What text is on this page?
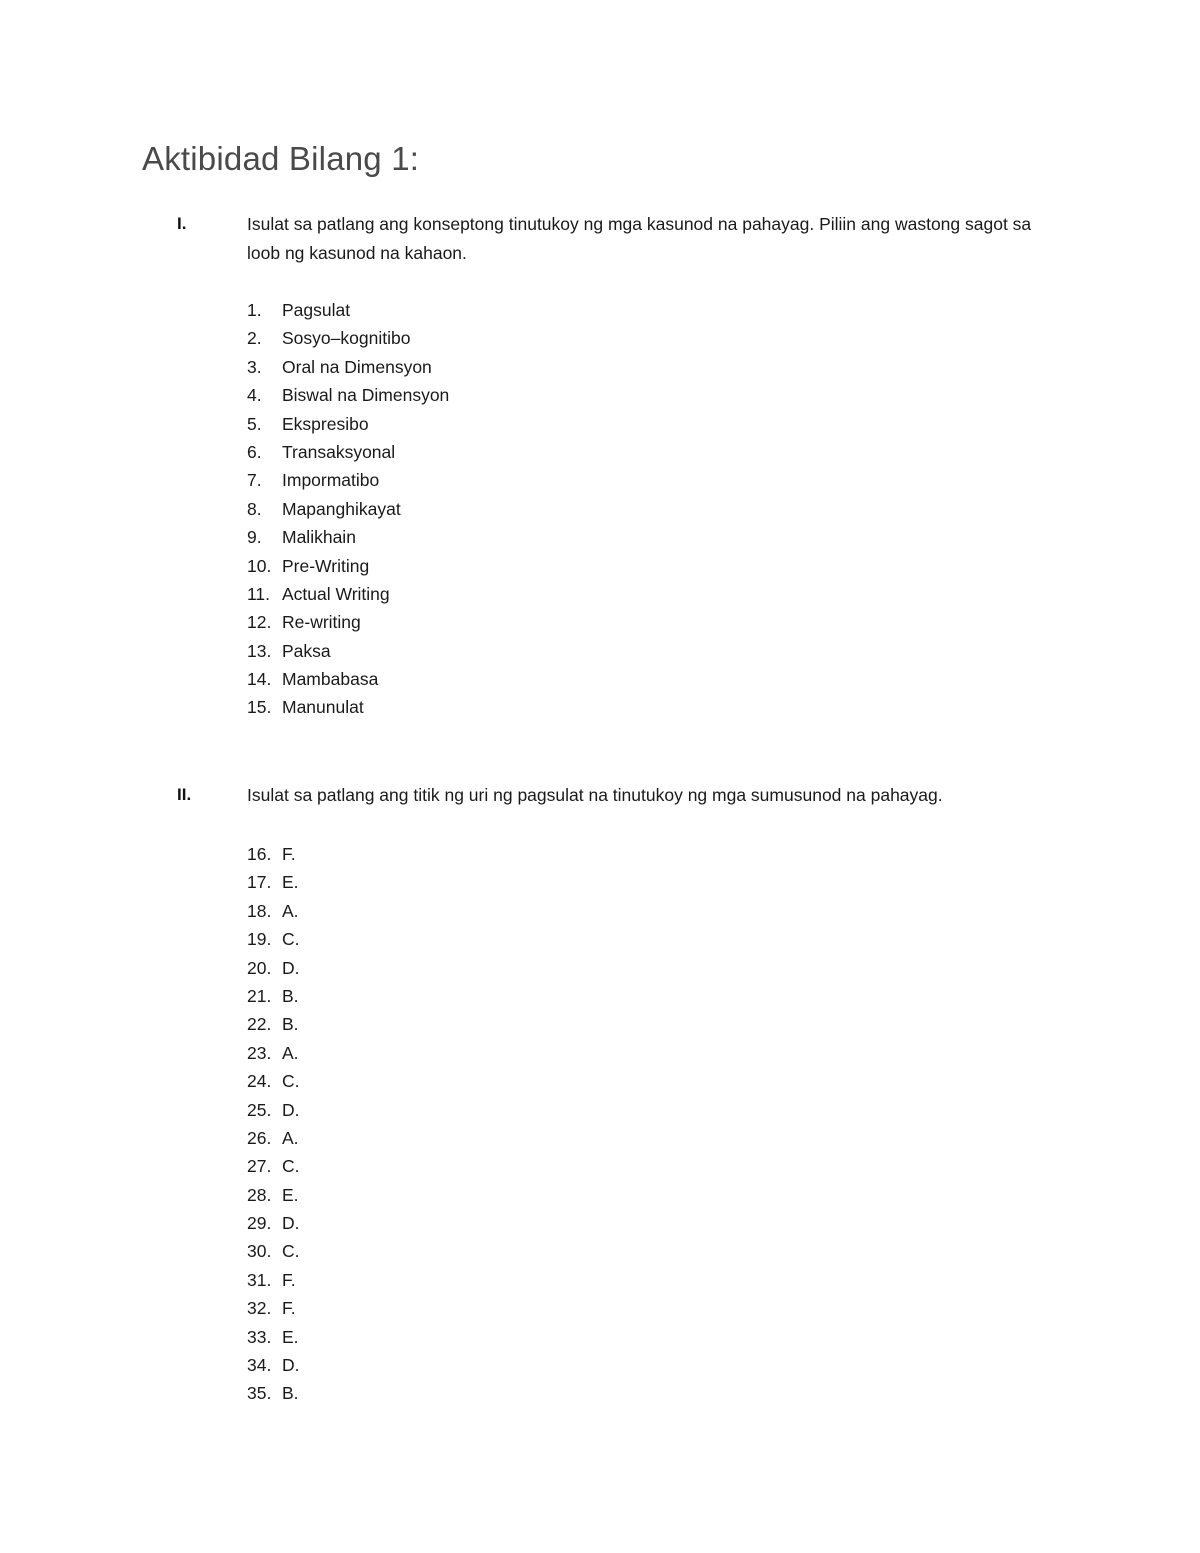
Aktibidad Bilang 1:
I.	Isulat sa patlang ang konseptong tinutukoy ng mga kasunod na pahayag. Piliin ang wastong sagot sa loob ng kasunod na kahaon.
1. Pagsulat
2. Sosyo–kognitibo
3. Oral na Dimensyon
4. Biswal na Dimensyon
5. Ekspresibo
6. Transaksyonal
7. Impormatibo
8. Mapanghikayat
9. Malikhain
10. Pre-Writing
11. Actual Writing
12. Re-writing
13. Paksa
14. Mambabasa
15. Manunulat
II.	Isulat sa patlang ang titik ng uri ng pagsulat na tinutukoy ng mga sumusunod na pahayag.
16. F.
17. E.
18. A.
19. C.
20. D.
21. B.
22. B.
23. A.
24. C.
25. D.
26. A.
27. C.
28. E.
29. D.
30. C.
31. F.
32. F.
33. E.
34. D.
35. B.
